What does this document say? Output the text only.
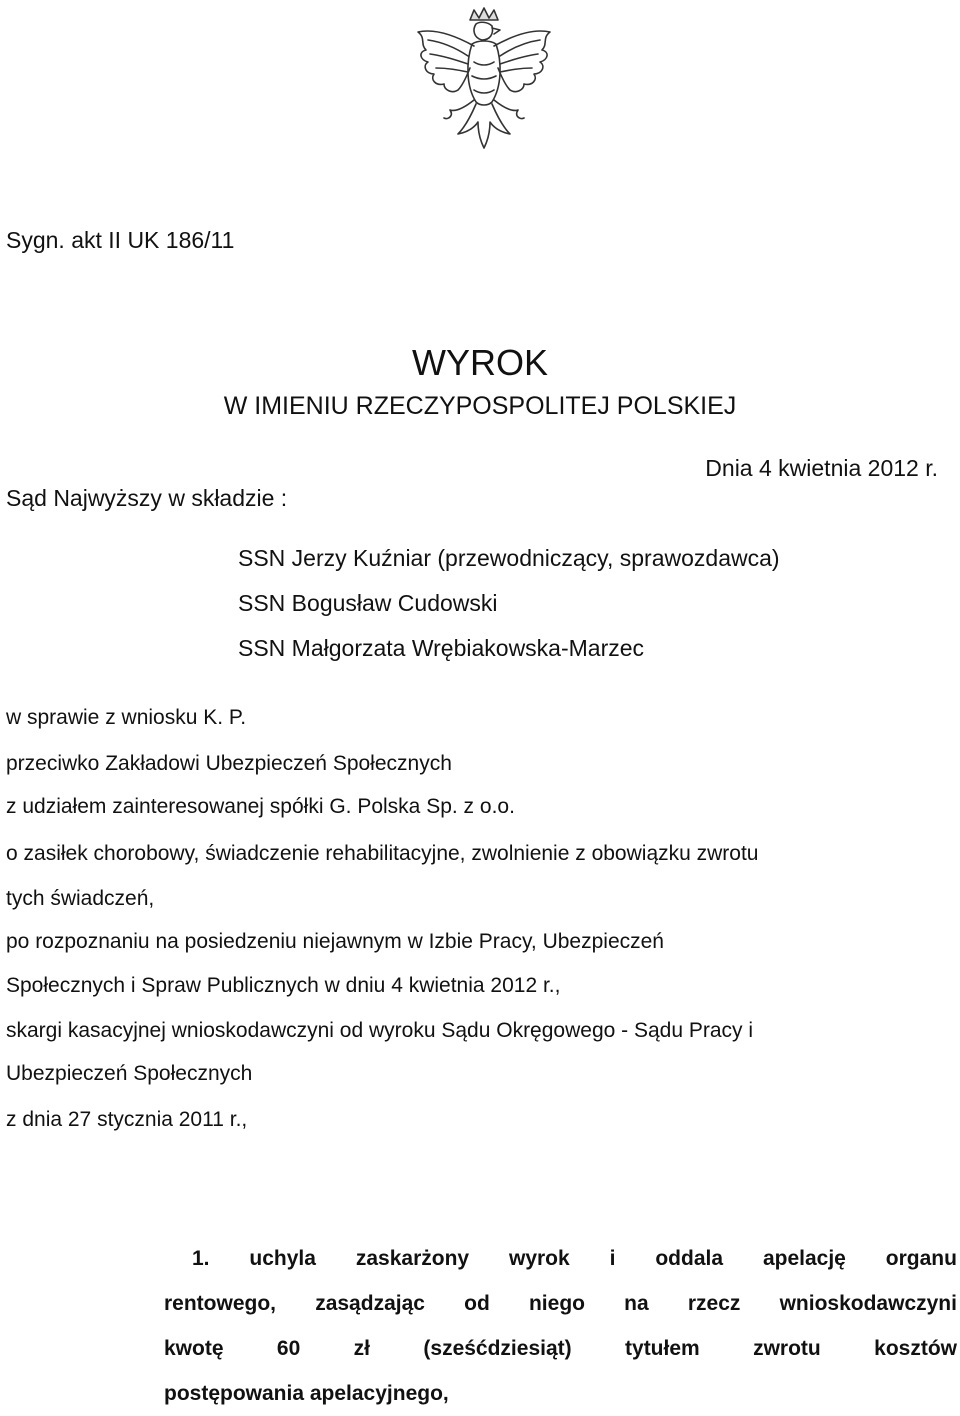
Sygn. akt II UK 186/11
WYROK
W IMIENIU RZECZYPOSPOLITEJ POLSKIEJ
Dnia 4 kwietnia 2012 r.
Sąd Najwyższy w składzie :
SSN Jerzy Kuźniar (przewodniczący, sprawozdawca)
SSN Bogusław Cudowski
SSN Małgorzata Wrębiakowska-Marzec
w sprawie z wniosku K. P.
przeciwko Zakładowi Ubezpieczeń Społecznych
z udziałem zainteresowanej spółki G. Polska Sp. z o.o.
o zasiłek chorobowy, świadczenie rehabilitacyjne, zwolnienie z obowiązku zwrotu
tych świadczeń,
po rozpoznaniu na posiedzeniu niejawnym w Izbie Pracy, Ubezpieczeń
Społecznych i Spraw Publicznych w dniu 4 kwietnia 2012 r.,
skargi kasacyjnej wnioskodawczyni od wyroku Sądu Okręgowego - Sądu Pracy i
Ubezpieczeń Społecznych
z dnia 27 stycznia 2011 r.,
1. uchyla zaskarżony wyrok i oddala apelację organu
rentowego, zasądzając od niego na rzecz wnioskodawczyni
kwotę	60	zł	(sześćdziesiąt)	tytułem	zwrotu	kosztów
postępowania apelacyjnego,
